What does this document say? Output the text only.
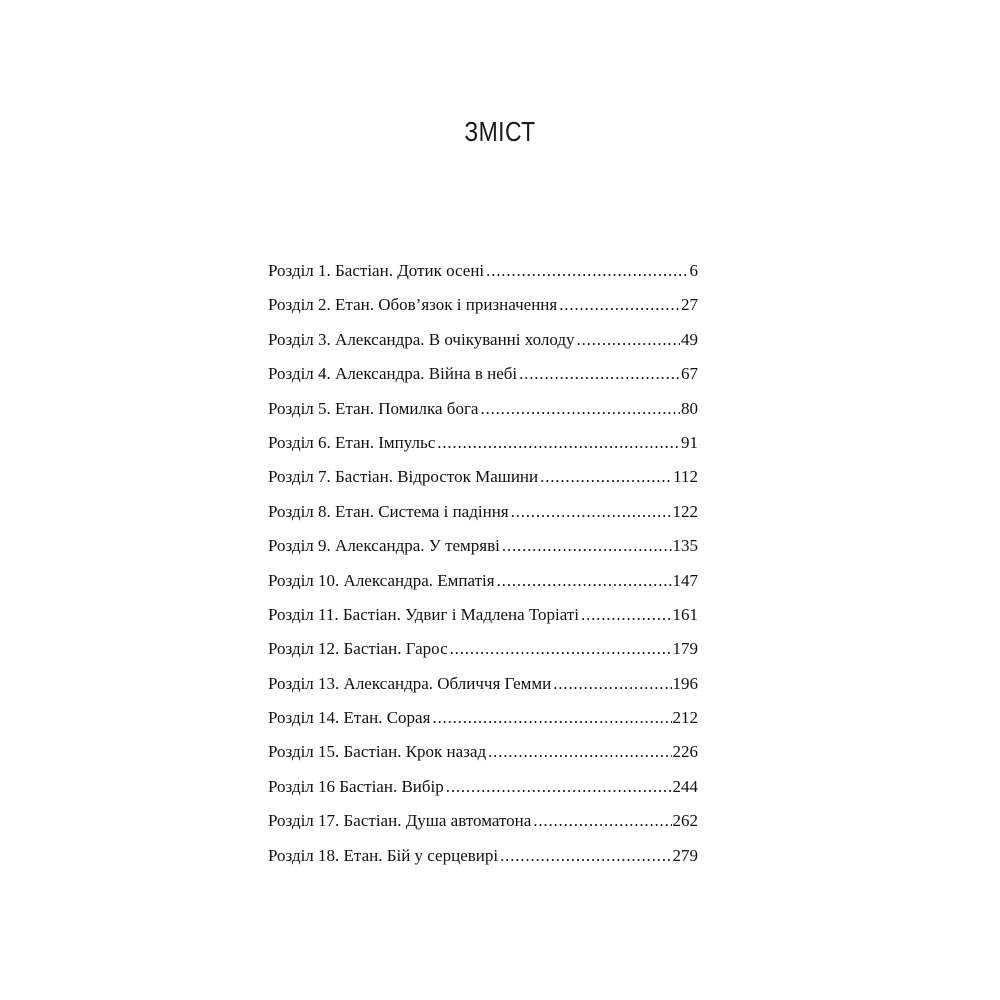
ЗМІСТ
Розділ 1. Бастіан. Дотик осені .....	6
Розділ 2. Етан. Обов’язок і призначення .....	27
Розділ 3. Александра. В очікуванні холоду .....	49
Розділ 4. Александра. Війна в небі .....	67
Розділ 5. Етан. Помилка бога .....	80
Розділ 6. Етан. Імпульс .....	91
Розділ 7. Бастіан. Відросток Машини .....	112
Розділ 8. Етан. Система і падіння .....	122
Розділ 9. Александра. У темряві .....	135
Розділ 10. Александра. Емпатія .....	147
Розділ 11. Бастіан. Удвиг і Мадлена Торіаті .....	161
Розділ 12. Бастіан. Гарос .....	179
Розділ 13. Александра. Обличчя Гемми .....	196
Розділ 14. Етан. Сорая .....	212
Розділ 15. Бастіан. Крок назад .....	226
Розділ 16 Бастіан. Вибір .....	244
Розділ 17. Бастіан. Душа автоматона .....	262
Розділ 18. Етан. Бій у серцевирі .....	279
